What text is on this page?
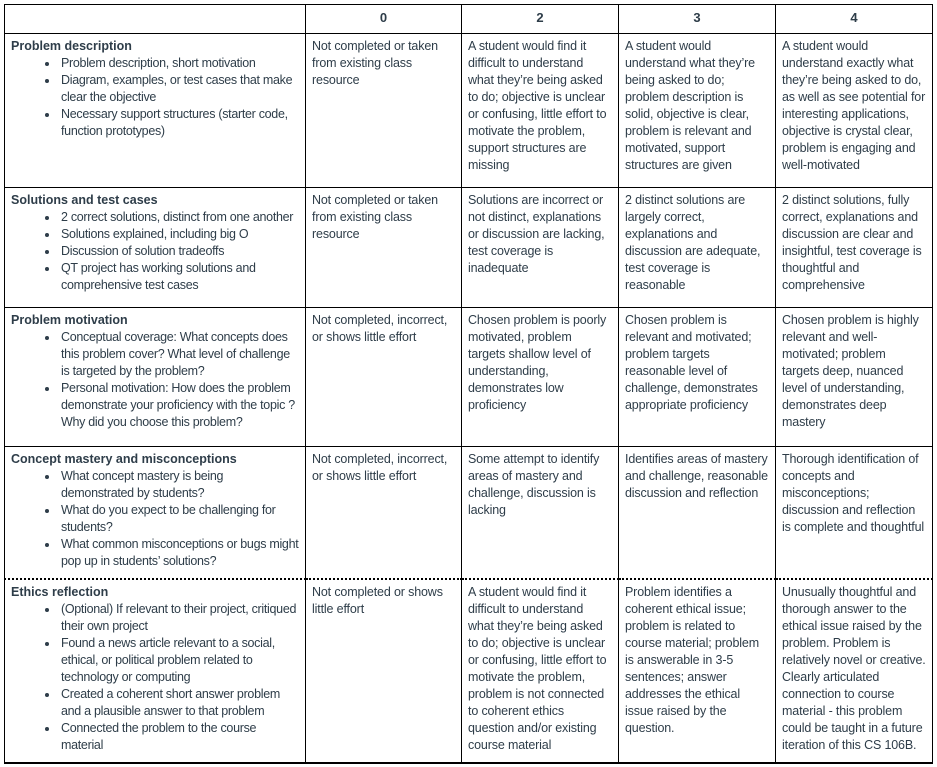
	0	2	3	4

Problem description
• Problem description, short motivation
• Diagram, examples, or test cases that make clear the objective
• Necessary support structures (starter code, function prototypes)
	Not completed or taken from existing class resource	A student would find it difficult to understand what they’re being asked to do; objective is unclear or confusing, little effort to motivate the problem, support structures are missing	A student would understand what they’re being asked to do; problem description is solid, objective is clear, problem is relevant and motivated, support structures are given	A student would understand exactly what they’re being asked to do, as well as see potential for interesting applications, objective is crystal clear, problem is engaging and well-motivated

Solutions and test cases
• 2 correct solutions, distinct from one another
• Solutions explained, including big O
• Discussion of solution tradeoffs
• QT project has working solutions and comprehensive test cases
	Not completed or taken from existing class resource	Solutions are incorrect or not distinct, explanations or discussion are lacking, test coverage is inadequate	2 distinct solutions are largely correct, explanations and discussion are adequate, test coverage is reasonable	2 distinct solutions, fully correct, explanations and discussion are clear and insightful, test coverage is thoughtful and comprehensive

Problem motivation
• Conceptual coverage: What concepts does this problem cover? What level of challenge is targeted by the problem?
• Personal motivation: How does the problem demonstrate your proficiency with the topic ? Why did you choose this problem?
	Not completed, incorrect, or shows little effort	Chosen problem is poorly motivated, problem targets shallow level of understanding, demonstrates low proficiency	Chosen problem is relevant and motivated; problem targets reasonable level of challenge, demonstrates appropriate proficiency	Chosen problem is highly relevant and well-motivated; problem targets deep, nuanced level of understanding, demonstrates deep mastery

Concept mastery and misconceptions
• What concept mastery is being demonstrated by students?
• What do you expect to be challenging for students?
• What common misconceptions or bugs might pop up in students’ solutions?
	Not completed, incorrect, or shows little effort	Some attempt to identify areas of mastery and challenge, discussion is lacking	Identifies areas of mastery and challenge, reasonable discussion and reflection	Thorough identification of concepts and misconceptions; discussion and reflection is complete and thoughtful

Ethics reflection
• (Optional) If relevant to their project, critiqued their own project
• Found a news article relevant to a social, ethical, or political problem related to technology or computing
• Created a coherent short answer problem and a plausible answer to that problem
• Connected the problem to the course material
	Not completed or shows little effort	A student would find it difficult to understand what they’re being asked to do; objective is unclear or confusing, little effort to motivate the problem, problem is not connected to coherent ethics question and/or existing course material	Problem identifies a coherent ethical issue; problem is related to course material; problem is answerable in 3-5 sentences; answer addresses the ethical issue raised by the question.	Unusually thoughtful and thorough answer to the ethical issue raised by the problem. Problem is relatively novel or creative. Clearly articulated connection to course material - this problem could be taught in a future iteration of this CS 106B.
